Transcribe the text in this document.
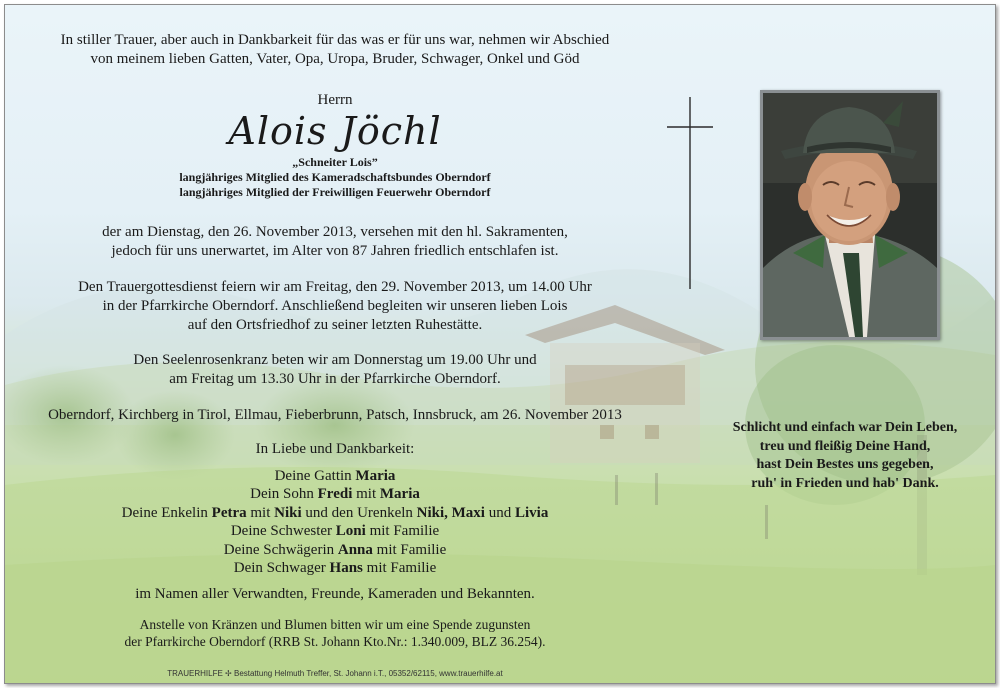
In stiller Trauer, aber auch in Dankbarkeit für das was er für uns war, nehmen wir Abschied
von meinem lieben Gatten, Vater, Opa, Uropa, Bruder, Schwager, Onkel und Göd
Herrn
Alois Jöchl
„Schneiter Lois”
langjähriges Mitglied des Kameradschaftsbundes Oberndorf
langjähriges Mitglied der Freiwilligen Feuerwehr Oberndorf
der am Dienstag, den 26. November 2013, versehen mit den hl. Sakramenten,
jedoch für uns unerwartet, im Alter von 87 Jahren friedlich entschlafen ist.
Den Trauergottesdienst feiern wir am Freitag, den 29. November 2013, um 14.00 Uhr
in der Pfarrkirche Oberndorf. Anschließend begleiten wir unseren lieben Lois
auf den Ortsfriedhof zu seiner letzten Ruhestätte.
Den Seelenrosenkranz beten wir am Donnerstag um 19.00 Uhr und
am Freitag um 13.30 Uhr in der Pfarrkirche Oberndorf.
Oberndorf, Kirchberg in Tirol, Ellmau, Fieberbrunn, Patsch, Innsbruck, am 26. November 2013
In Liebe und Dankbarkeit:
Deine Gattin Maria
Dein Sohn Fredi mit Maria
Deine Enkelin Petra mit Niki und den Urenkeln Niki, Maxi und Livia
Deine Schwester Loni mit Familie
Deine Schwägerin Anna mit Familie
Dein Schwager Hans mit Familie
im Namen aller Verwandten, Freunde, Kameraden und Bekannten.
Anstelle von Kränzen und Blumen bitten wir um eine Spende zugunsten
der Pfarrkirche Oberndorf (RRB St. Johann Kto.Nr.: 1.340.009, BLZ 36.254).
TRAUERHILFE ✢ Bestattung Helmuth Treffer, St. Johann i.T., 05352/62115, www.trauerhilfe.at
Schlicht und einfach war Dein Leben,
treu und fleißig Deine Hand,
hast Dein Bestes uns gegeben,
ruh' in Frieden und hab' Dank.
